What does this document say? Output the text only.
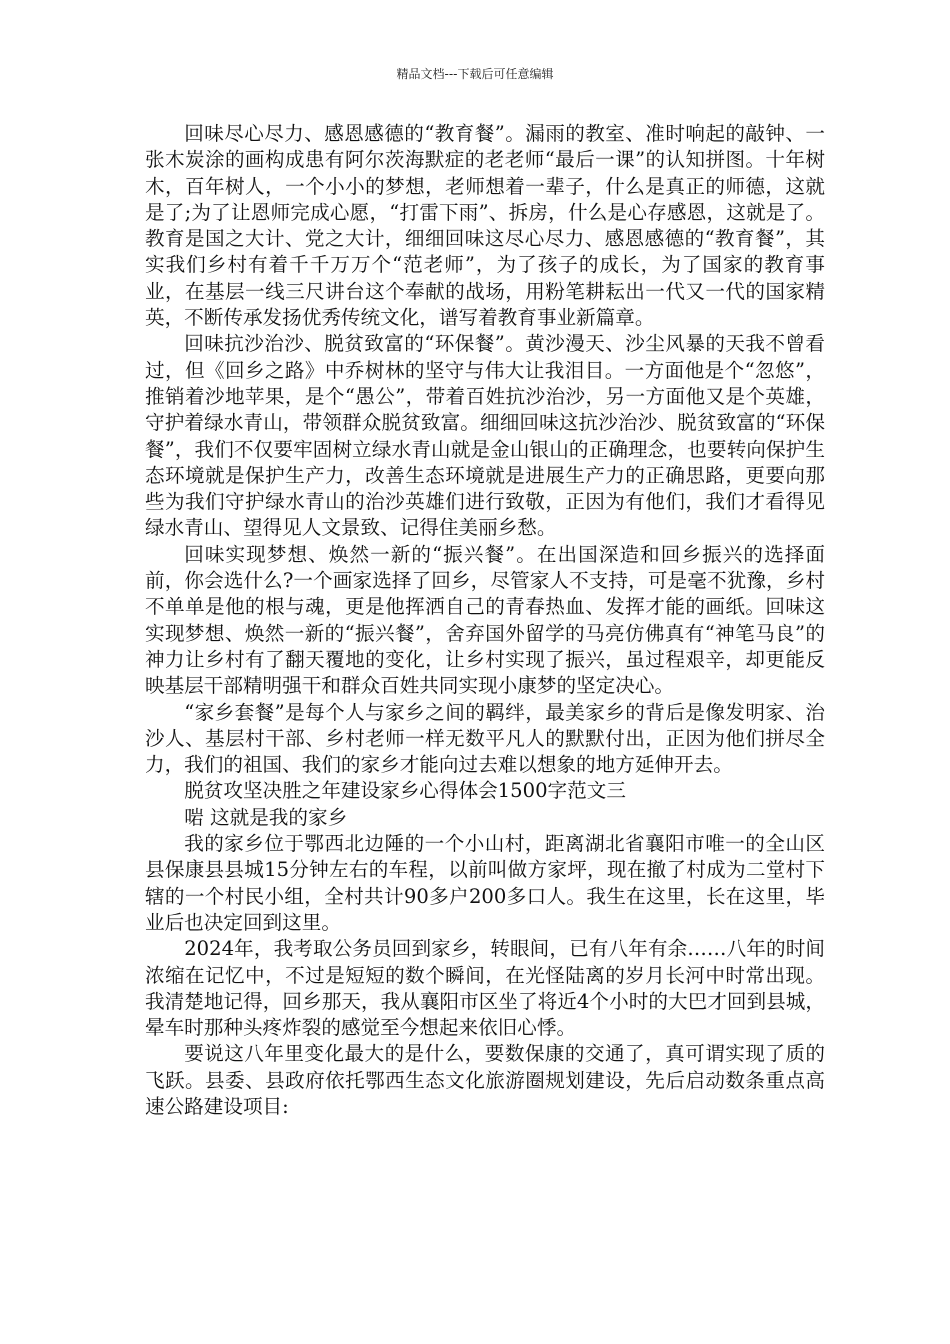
精品文档---下载后可任意编辑

回味尽心尽力、感恩感德的“教育餐”。漏雨的教室、准时响起的敲钟、一张木炭涂的画构成患有阿尔茨海默症的老老师“最后一课”的认知拼图。十年树木，百年树人，一个小小的梦想，老师想着一辈子，什么是真正的师德，这就是了;为了让恩师完成心愿，“打雷下雨”、拆房，什么是心存感恩，这就是了。教育是国之大计、党之大计，细细回味这尽心尽力、感恩感德的“教育餐”，其实我们乡村有着千千万万个“范老师”，为了孩子的成长，为了国家的教育事业，在基层一线三尺讲台这个奉献的战场，用粉笔耕耘出一代又一代的国家精英，不断传承发扬优秀传统文化，谱写着教育事业新篇章。

回味抗沙治沙、脱贫致富的“环保餐”。黄沙漫天、沙尘风暴的天我不曾看过，但《回乡之路》中乔树林的坚守与伟大让我泪目。一方面他是个“忽悠”，推销着沙地苹果，是个“愚公”，带着百姓抗沙治沙，另一方面他又是个英雄，守护着绿水青山，带领群众脱贫致富。细细回味这抗沙治沙、脱贫致富的“环保餐”，我们不仅要牢固树立绿水青山就是金山银山的正确理念，也要转向保护生态环境就是保护生产力，改善生态环境就是进展生产力的正确思路，更要向那些为我们守护绿水青山的治沙英雄们进行致敬，正因为有他们，我们才看得见绿水青山、望得见人文景致、记得住美丽乡愁。

回味实现梦想、焕然一新的“振兴餐”。在出国深造和回乡振兴的选择面前，你会选什么?一个画家选择了回乡，尽管家人不支持，可是毫不犹豫，乡村不单单是他的根与魂，更是他挥洒自己的青春热血、发挥才能的画纸。回味这实现梦想、焕然一新的“振兴餐”，舍弃国外留学的马亮仿佛真有“神笔马良”的神力让乡村有了翻天覆地的变化，让乡村实现了振兴，虽过程艰辛，却更能反映基层干部精明强干和群众百姓共同实现小康梦的坚定决心。

“家乡套餐”是每个人与家乡之间的羁绊，最美家乡的背后是像发明家、治沙人、基层村干部、乡村老师一样无数平凡人的默默付出，正因为他们拼尽全力，我们的祖国、我们的家乡才能向过去难以想象的地方延伸开去。

脱贫攻坚决胜之年建设家乡心得体会1500字范文三

啱 这就是我的家乡

我的家乡位于鄂西北边陲的一个小山村，距离湖北省襄阳市唯一的全山区县保康县县城15分钟左右的车程，以前叫做方家坪，现在撤了村成为二堂村下辖的一个村民小组，全村共计90多户200多口人。我生在这里，长在这里，毕业后也决定回到这里。

2024年，我考取公务员回到家乡，转眼间，已有八年有余……八年的时间浓缩在记忆中，不过是短短的数个瞬间，在光怪陆离的岁月长河中时常出现。我清楚地记得，回乡那天，我从襄阳市区坐了将近4个小时的大巴才回到县城，晕车时那种头疼炸裂的感觉至今想起来依旧心悸。

要说这八年里变化最大的是什么，要数保康的交通了，真可谓实现了质的飞跃。县委、县政府依托鄂西生态文化旅游圈规划建设，先后启动数条重点高速公路建设项目:
